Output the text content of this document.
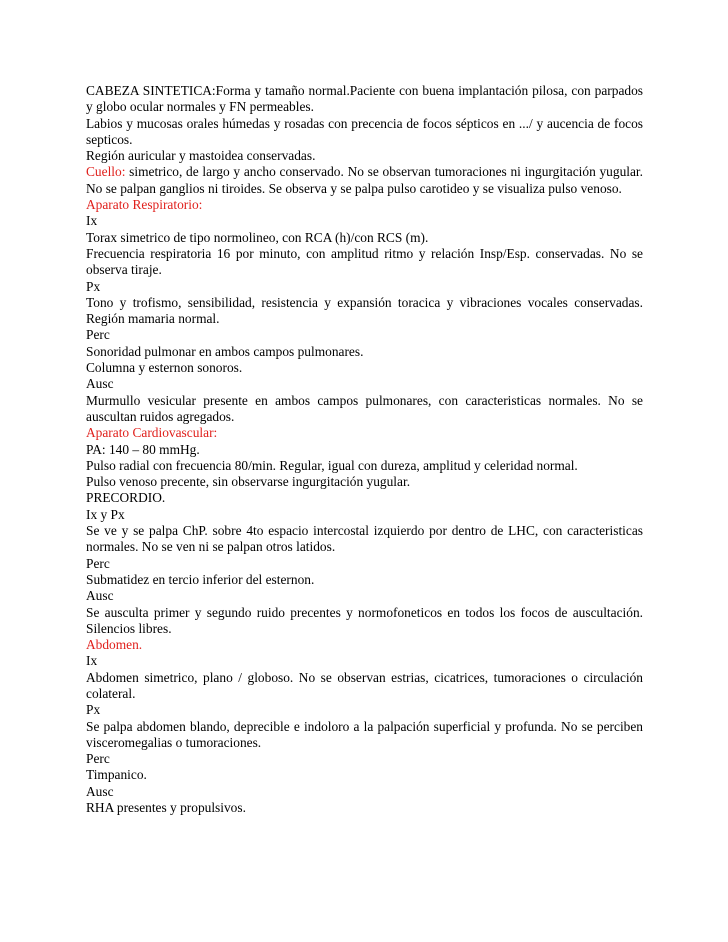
CABEZA SINTETICA:Forma y tamaño normal.Paciente con buena implantación pilosa, con parpados y globo ocular normales y FN permeables.

Labios y mucosas orales húmedas y rosadas con precencia de focos sépticos en .../ y aucencia de focos septicos.

Región auricular y mastoidea conservadas.

Cuello: simetrico, de largo y ancho conservado. No se observan tumoraciones ni ingurgitación yugular. No se palpan ganglios ni tiroides. Se observa y se palpa pulso carotideo y se visualiza pulso venoso.

Aparato Respiratorio:

Ix

Torax simetrico de tipo normolineo, con RCA (h)/con RCS (m).

Frecuencia respiratoria 16 por minuto, con amplitud ritmo y relación Insp/Esp. conservadas. No se observa tiraje.

Px

Tono y trofismo, sensibilidad, resistencia y expansión toracica y vibraciones vocales conservadas. Región mamaria normal.

Perc

Sonoridad pulmonar en ambos campos pulmonares.

Columna y esternon sonoros.

Ausc

Murmullo vesicular presente en ambos campos pulmonares, con caracteristicas normales. No se auscultan ruidos agregados.

Aparato Cardiovascular:

PA: 140 – 80 mmHg.

Pulso radial con frecuencia 80/min. Regular, igual con dureza, amplitud y celeridad normal.

Pulso venoso precente, sin observarse ingurgitación yugular.

PRECORDIO.

Ix y Px

Se ve y se palpa ChP. sobre 4to espacio intercostal izquierdo por dentro de LHC, con caracteristicas normales. No se ven ni se palpan otros latidos.

Perc

Submatidez en tercio inferior del esternon.

Ausc

Se ausculta primer y segundo ruido precentes y normofoneticos en todos los focos de auscultación. Silencios libres.

Abdomen.

Ix

Abdomen simetrico, plano / globoso. No se observan estrias, cicatrices, tumoraciones o circulación colateral.

Px

Se palpa abdomen blando, deprecible e indoloro a la palpación superficial y profunda. No se perciben visceromegalias o tumoraciones.

Perc

Timpanico.

Ausc

RHA presentes y propulsivos.
